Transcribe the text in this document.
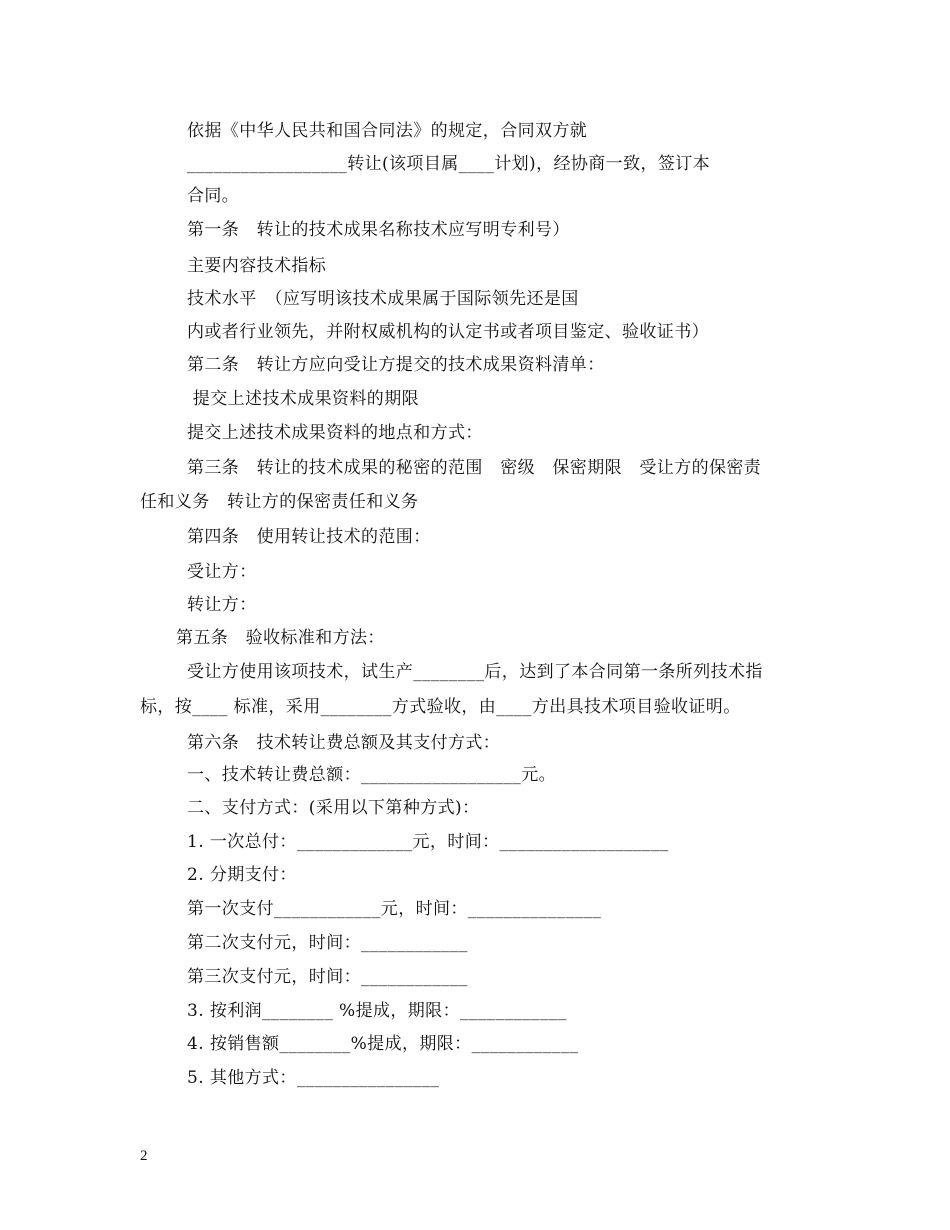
依据《中华人民共和国合同法》的规定，合同双方就
__________________转让(该项目属____计划)，经协商一致，签订本
合同。
第一条　转让的技术成果名称技术应写明专利号）
主要内容技术指标
技术水平　（应写明该技术成果属于国际领先还是国
内或者行业领先，并附权威机构的认定书或者项目鉴定、验收证书）
第二条　转让方应向受让方提交的技术成果资料清单：
提交上述技术成果资料的期限
提交上述技术成果资料的地点和方式：
第三条　转让的技术成果的秘密的范围　密级　保密期限　受让方的保密责
任和义务　转让方的保密责任和义务
第四条　使用转让技术的范围：
受让方：
转让方：
第五条　验收标准和方法：
受让方使用该项技术，试生产________后，达到了本合同第一条所列技术指
标，按____ 标准，采用________方式验收，由____方出具技术项目验收证明。
第六条　技术转让费总额及其支付方式：
一、技术转让费总额：__________________元。
二、支付方式：(采用以下第种方式)：
1. 一次总付：_____________元，时间：___________________
2. 分期支付：
第一次支付____________元，时间：_______________
第二次支付元，时间：____________
第三次支付元，时间：____________
3. 按利润________ %提成，期限：____________
4. 按销售额________%提成，期限：____________
5. 其他方式：________________
2
